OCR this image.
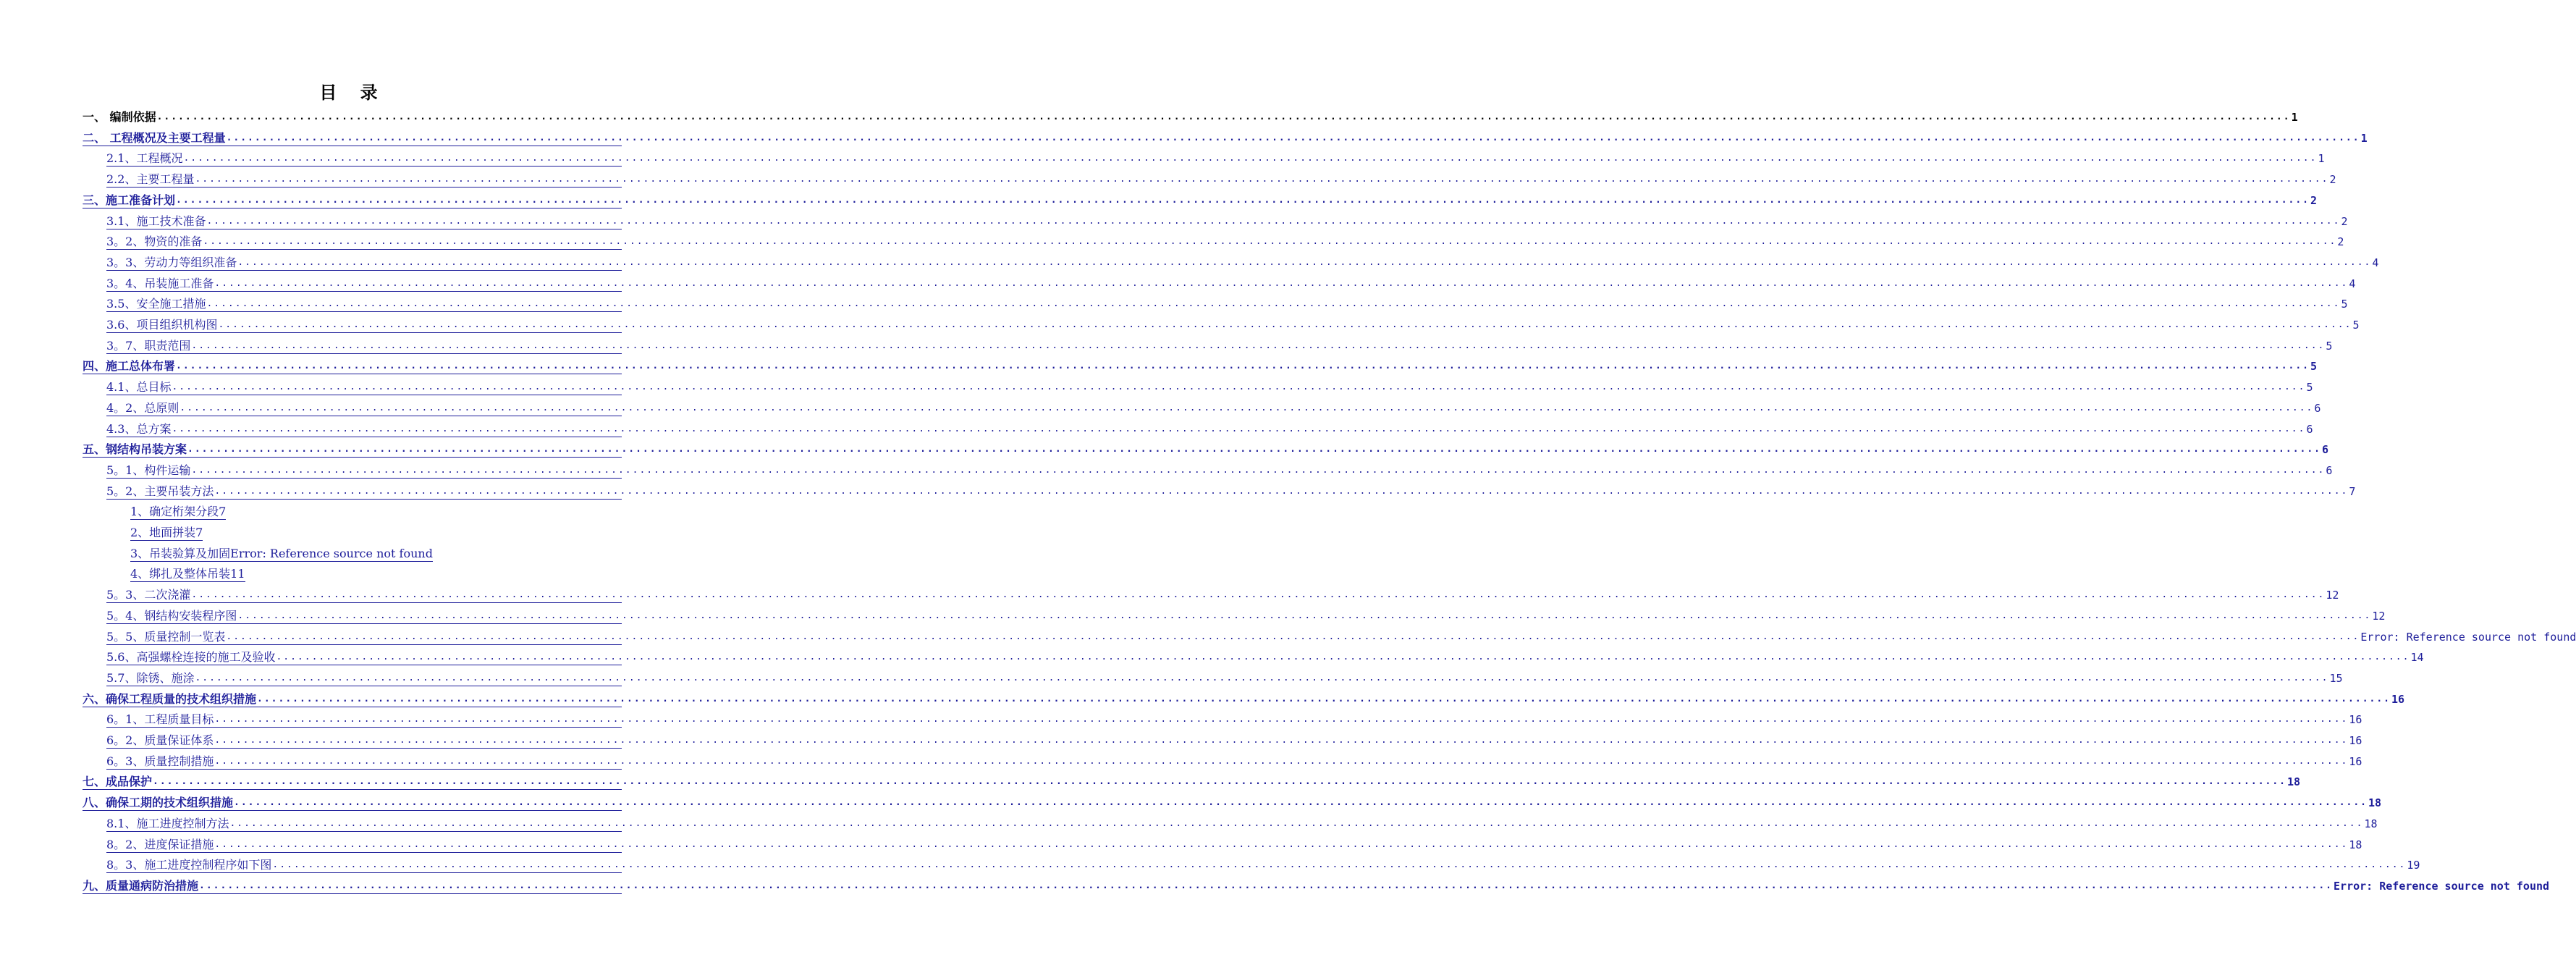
目 录
一、 编制依据 ............................................................................................................................................................................................................................................................................................................ 1
二、 工程概况及主要工程量 ............................................................................................................................................................................................................................................................................................................ 1
2.1、工程概况 ............................................................................................................................................................................................................................................................................................................ 1
2.2、主要工程量 ............................................................................................................................................................................................................................................................................................................ 2
三、施工准备计划 ............................................................................................................................................................................................................................................................................................................ 2
3.1、施工技术准备 ............................................................................................................................................................................................................................................................................................................ 2
3。2、物资的准备 ............................................................................................................................................................................................................................................................................................................ 2
3。3、劳动力等组织准备 ............................................................................................................................................................................................................................................................................................................ 4
3。4、吊装施工准备 ............................................................................................................................................................................................................................................................................................................ 4
3.5、安全施工措施 ............................................................................................................................................................................................................................................................................................................ 5
3.6、项目组织机构图 ............................................................................................................................................................................................................................................................................................................ 5
3。7、职责范围 ............................................................................................................................................................................................................................................................................................................ 5
四、施工总体布署 ............................................................................................................................................................................................................................................................................................................ 5
4.1、总目标 ............................................................................................................................................................................................................................................................................................................ 5
4。2、总原则 ............................................................................................................................................................................................................................................................................................................ 6
4.3、总方案 ............................................................................................................................................................................................................................................................................................................ 6
五、钢结构吊装方案 ............................................................................................................................................................................................................................................................................................................ 6
5。1、构件运输 ............................................................................................................................................................................................................................................................................................................ 6
5。2、主要吊装方法 ............................................................................................................................................................................................................................................................................................................ 7
1、确定桁架分段7
2、地面拼装7
3、吊装验算及加固Error: Reference source not found
4、绑扎及整体吊装11
5。3、二次浇灌 ............................................................................................................................................................................................................................................................................................................ 12
5。4、钢结构安装程序图 ............................................................................................................................................................................................................................................................................................................ 12
5。5、质量控制一览表 ............................................................................................................................................................................................................................................................................................................ Error: Reference source not found
5.6、高强螺栓连接的施工及验收 ............................................................................................................................................................................................................................................................................................................ 14
5.7、除锈、施涂 ............................................................................................................................................................................................................................................................................................................ 15
六、确保工程质量的技术组织措施 ............................................................................................................................................................................................................................................................................................................ 16
6。1、工程质量目标 ............................................................................................................................................................................................................................................................................................................ 16
6。2、质量保证体系 ............................................................................................................................................................................................................................................................................................................ 16
6。3、质量控制措施 ............................................................................................................................................................................................................................................................................................................ 16
七、成品保护 ............................................................................................................................................................................................................................................................................................................ 18
八、确保工期的技术组织措施 ............................................................................................................................................................................................................................................................................................................ 18
8.1、施工进度控制方法 ............................................................................................................................................................................................................................................................................................................ 18
8。2、进度保证措施 ............................................................................................................................................................................................................................................................................................................ 18
8。3、施工进度控制程序如下图 ............................................................................................................................................................................................................................................................................................................ 19
九、质量通病防治措施 ............................................................................................................................................................................................................................................................................................................ Error: Reference source not found
